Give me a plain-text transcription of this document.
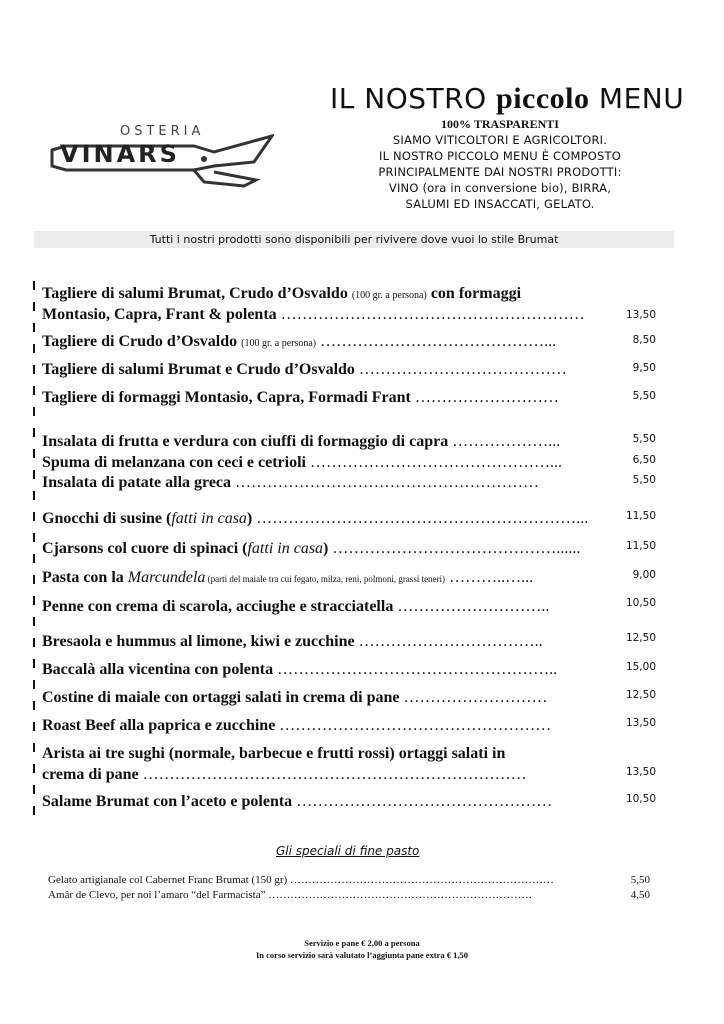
OSTERIA
VINARS
IL NOSTRO piccolo MENU
100% TRASPARENTI
SIAMO VITICOLTORI E AGRICOLTORI.
IL NOSTRO PICCOLO MENU È COMPOSTO
PRINCIPALMENTE DAI NOSTRI PRODOTTI:
VINO (ora in conversione bio), BIRRA,
SALUMI ED INSACCATI, GELATO.
Tutti i nostri prodotti sono disponibili per rivivere dove vuoi lo stile Brumat
Tagliere di salumi Brumat, Crudo d’Osvaldo (100 gr. a persona) con formaggi
Montasio, Capra, Frant & polenta …………………………………………………	13,50
Tagliere di Crudo d’Osvaldo (100 gr. a persona) ……………………………………...	8,50
Tagliere di salumi Brumat e Crudo d’Osvaldo …………………………………	9,50
Tagliere di formaggi Montasio, Capra, Formadi Frant ………………………	5,50
Insalata di frutta e verdura con ciuffi di formaggio di capra ………………...	5,50
Spuma di melanzana con ceci e cetrioli ………………………………………...	6,50
Insalata di patate alla greca …………………………………………………	5,50
Gnocchi di susine (fatti in casa) ……………………………………………………...	11,50
Cjarsons col cuore di spinaci (fatti in casa) ……………………………………......	11,50
Pasta con la Marcundela (parti del maiale tra cui fegato, milza, reni, polmoni, grassi teneri) ………..…...	9,00
Penne con crema di scarola, acciughe e stracciatella ………………………..	10,50
Bresaola e hummus al limone, kiwi e zucchine ……………………………..	12,50
Baccalà alla vicentina con polenta ……………………………………………..	15,00
Costine di maiale con ortaggi salati in crema di pane ………………………	12,50
Roast Beef alla paprica e zucchine ……………………………………………	13,50
Arista ai tre sughi (normale, barbecue e frutti rossi) ortaggi salati in
crema di pane ………………………………………………………………	13,50
Salame Brumat con l’aceto e polenta …………………………………………	10,50
Gli speciali di fine pasto
Gelato artigianale col Cabernet Franc Brumat (150 gr) ………………………………………………………………	5,50
Amâr de Clevo, per noi l’amaro “del Farmacista” ………………………………………………………………	4,50
Servizio e pane € 2,00 a persona
In corso servizio sarà valutato l’aggiunta pane extra € 1,50
